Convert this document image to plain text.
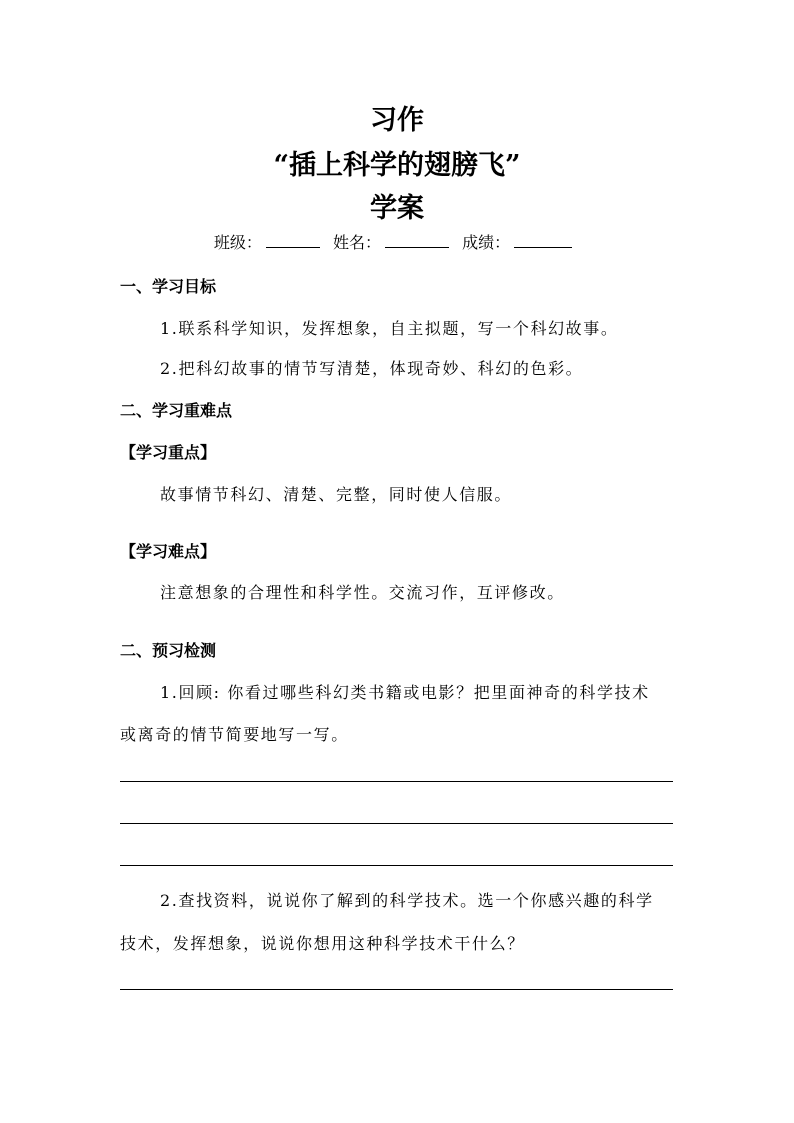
习作
“插上科学的翅膀飞”
学案
班级：	姓名：	成绩：
一、学习目标
1.联系科学知识，发挥想象，自主拟题，写一个科幻故事。
2.把科幻故事的情节写清楚，体现奇妙、科幻的色彩。
二、学习重难点
【学习重点】
故事情节科幻、清楚、完整，同时使人信服。
【学习难点】
注意想象的合理性和科学性。交流习作，互评修改。
二、预习检测
1.回顾: 你看过哪些科幻类书籍或电影？把里面神奇的科学技术
或离奇的情节简要地写一写。
2.查找资料，说说你了解到的科学技术。选一个你感兴趣的科学
技术，发挥想象，说说你想用这种科学技术干什么？
